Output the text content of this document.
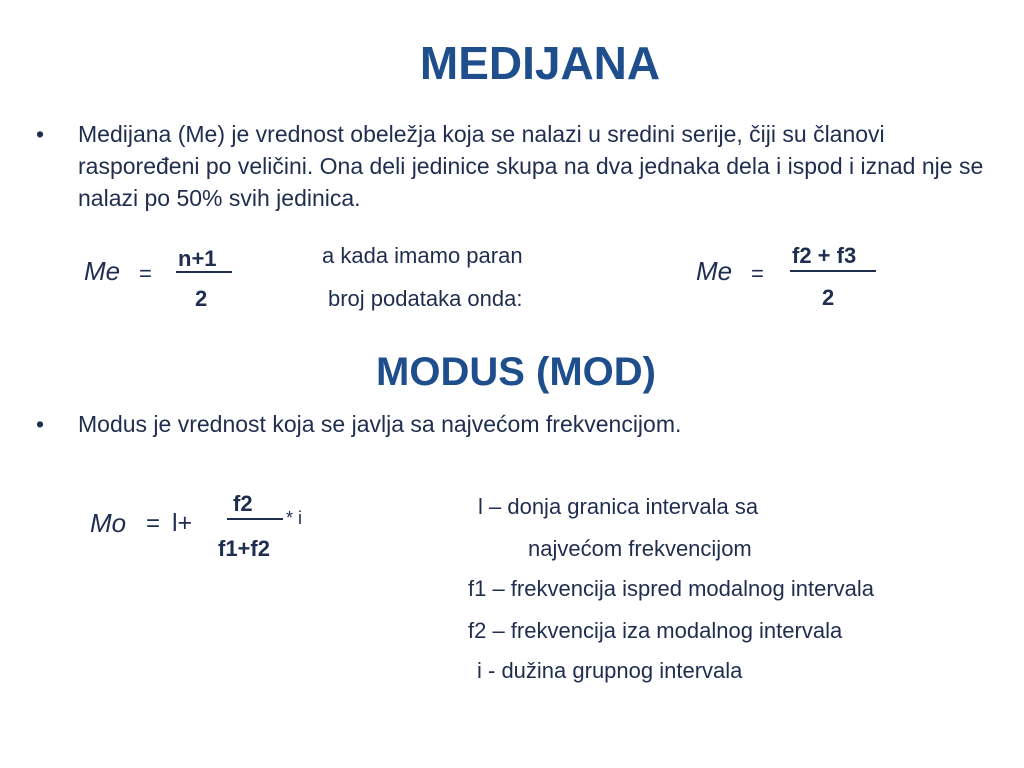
MEDIJANA
• Medijana (Me) je vrednost obeležja koja se nalazi u sredini serije, čiji su članovi raspoređeni po veličini. Ona deli jedinice skupa na dva jednaka dela i ispod i iznad nje se nalazi po 50% svih jedinica.
Me =
n+1
2
a kada imamo paran
broj podataka onda:
Me =
f2 + f3
2
MODUS (MOD)
• Modus je vrednost koja se javlja sa najvećom frekvencijom.
Mo = l+
f2
f1+f2
* i	l – donja granica intervala sa
najvećom frekvencijom
f1 – frekvencija ispred modalnog intervala
f2 – frekvencija iza modalnog intervala
i - dužina grupnog intervala
